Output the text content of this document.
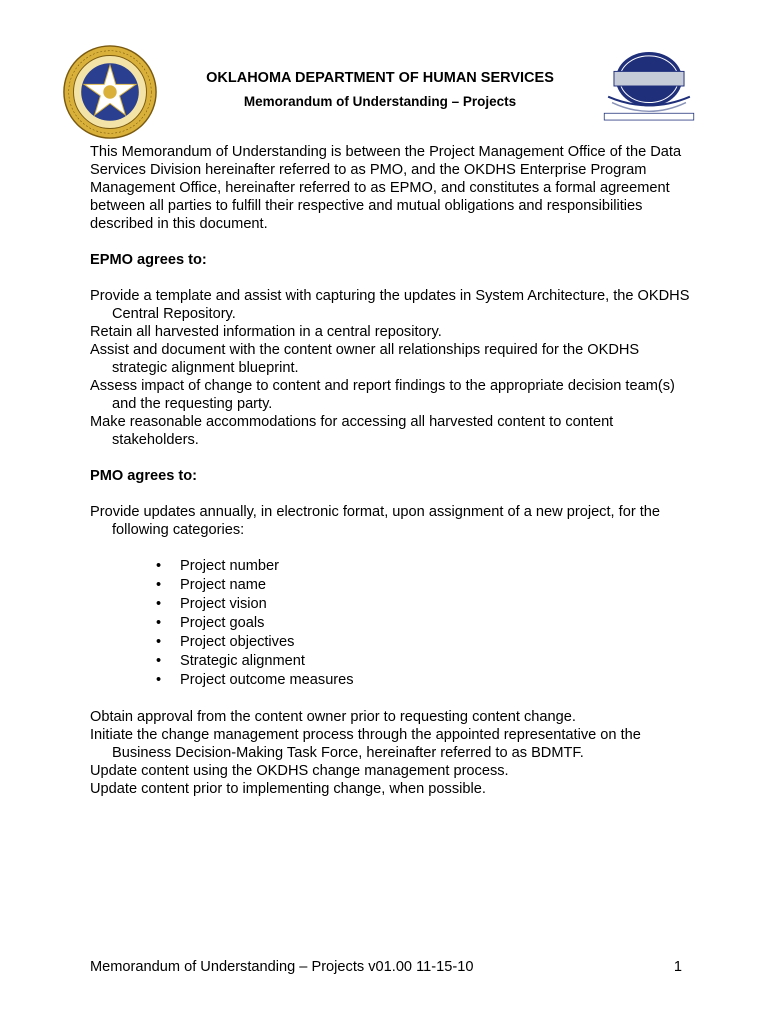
OKLAHOMA DEPARTMENT OF HUMAN SERVICES
Memorandum of Understanding – Projects

This Memorandum of Understanding is between the Project Management Office of the Data Services Division hereinafter referred to as PMO, and the OKDHS Enterprise Program Management Office, hereinafter referred to as EPMO, and constitutes a formal agreement between all parties to fulfill their respective and mutual obligations and responsibilities described in this document.

EPMO agrees to:

Provide a template and assist with capturing the updates in System Architecture, the OKDHS Central Repository.

Retain all harvested information in a central repository.

Assist and document with the content owner all relationships required for the OKDHS strategic alignment blueprint.

Assess impact of change to content and report findings to the appropriate decision team(s) and the requesting party.

Make reasonable accommodations for accessing all harvested content to content stakeholders.

PMO agrees to:

Provide updates annually, in electronic format, upon assignment of a new project, for the following categories:

• Project number
• Project name
• Project vision
• Project goals
• Project objectives
• Strategic alignment
• Project outcome measures

Obtain approval from the content owner prior to requesting content change.

Initiate the change management process through the appointed representative on the Business Decision-Making Task Force, hereinafter referred to as BDMTF.

Update content using the OKDHS change management process.

Update content prior to implementing change, when possible.

Memorandum of Understanding – Projects v01.00 11-15-10	1
